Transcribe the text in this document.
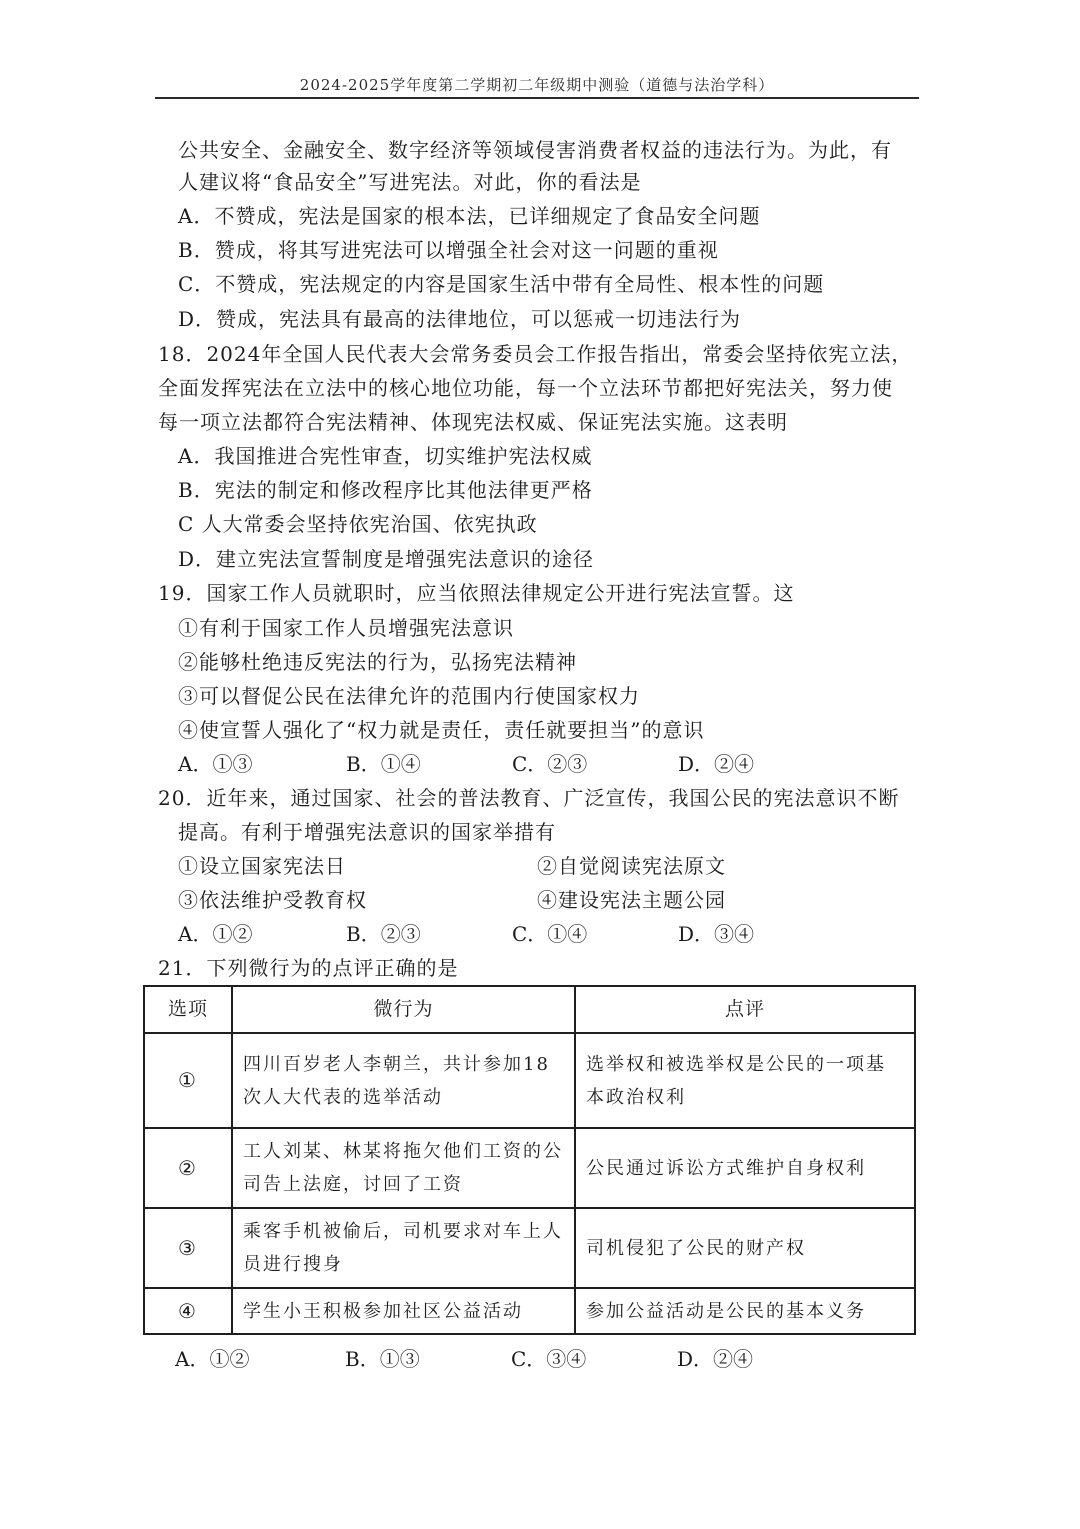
2024-2025学年度第二学期初二年级期中测验（道德与法治学科）
公共安全、金融安全、数字经济等领域侵害消费者权益的违法行为。为此，有
人建议将“食品安全”写进宪法。对此，你的看法是
A．不赞成，宪法是国家的根本法，已详细规定了食品安全问题
B．赞成，将其写进宪法可以增强全社会对这一问题的重视
C．不赞成，宪法规定的内容是国家生活中带有全局性、根本性的问题
D．赞成，宪法具有最高的法律地位，可以惩戒一切违法行为
18．2024年全国人民代表大会常务委员会工作报告指出，常委会坚持依宪立法，
全面发挥宪法在立法中的核心地位功能，每一个立法环节都把好宪法关，努力使
每一项立法都符合宪法精神、体现宪法权威、保证宪法实施。这表明
A．我国推进合宪性审查，切实维护宪法权威
B．宪法的制定和修改程序比其他法律更严格
C 人大常委会坚持依宪治国、依宪执政
D．建立宪法宣誓制度是增强宪法意识的途径
19．国家工作人员就职时，应当依照法律规定公开进行宪法宣誓。这
①有利于国家工作人员增强宪法意识
②能够杜绝违反宪法的行为，弘扬宪法精神
③可以督促公民在法律允许的范围内行使国家权力
④使宣誓人强化了“权力就是责任，责任就要担当”的意识
A．①③	B．①④	C．②③	D．②④
20．近年来，通过国家、社会的普法教育、广泛宣传，我国公民的宪法意识不断
提高。有利于增强宪法意识的国家举措有
①设立国家宪法日	②自觉阅读宪法原文
③依法维护受教育权	④建设宪法主题公园
A．①②	B．②③	C．①④	D．③④
21．下列微行为的点评正确的是
选项	微行为	点评
①	四川百岁老人李朝兰，共计参加18次人大代表的选举活动	选举权和被选举权是公民的一项基本政治权利
②	工人刘某、林某将拖欠他们工资的公司告上法庭，讨回了工资	公民通过诉讼方式维护自身权利
③	乘客手机被偷后，司机要求对车上人员进行搜身	司机侵犯了公民的财产权
④	学生小王积极参加社区公益活动	参加公益活动是公民的基本义务
A．①②	B．①③	C．③④	D．②④
